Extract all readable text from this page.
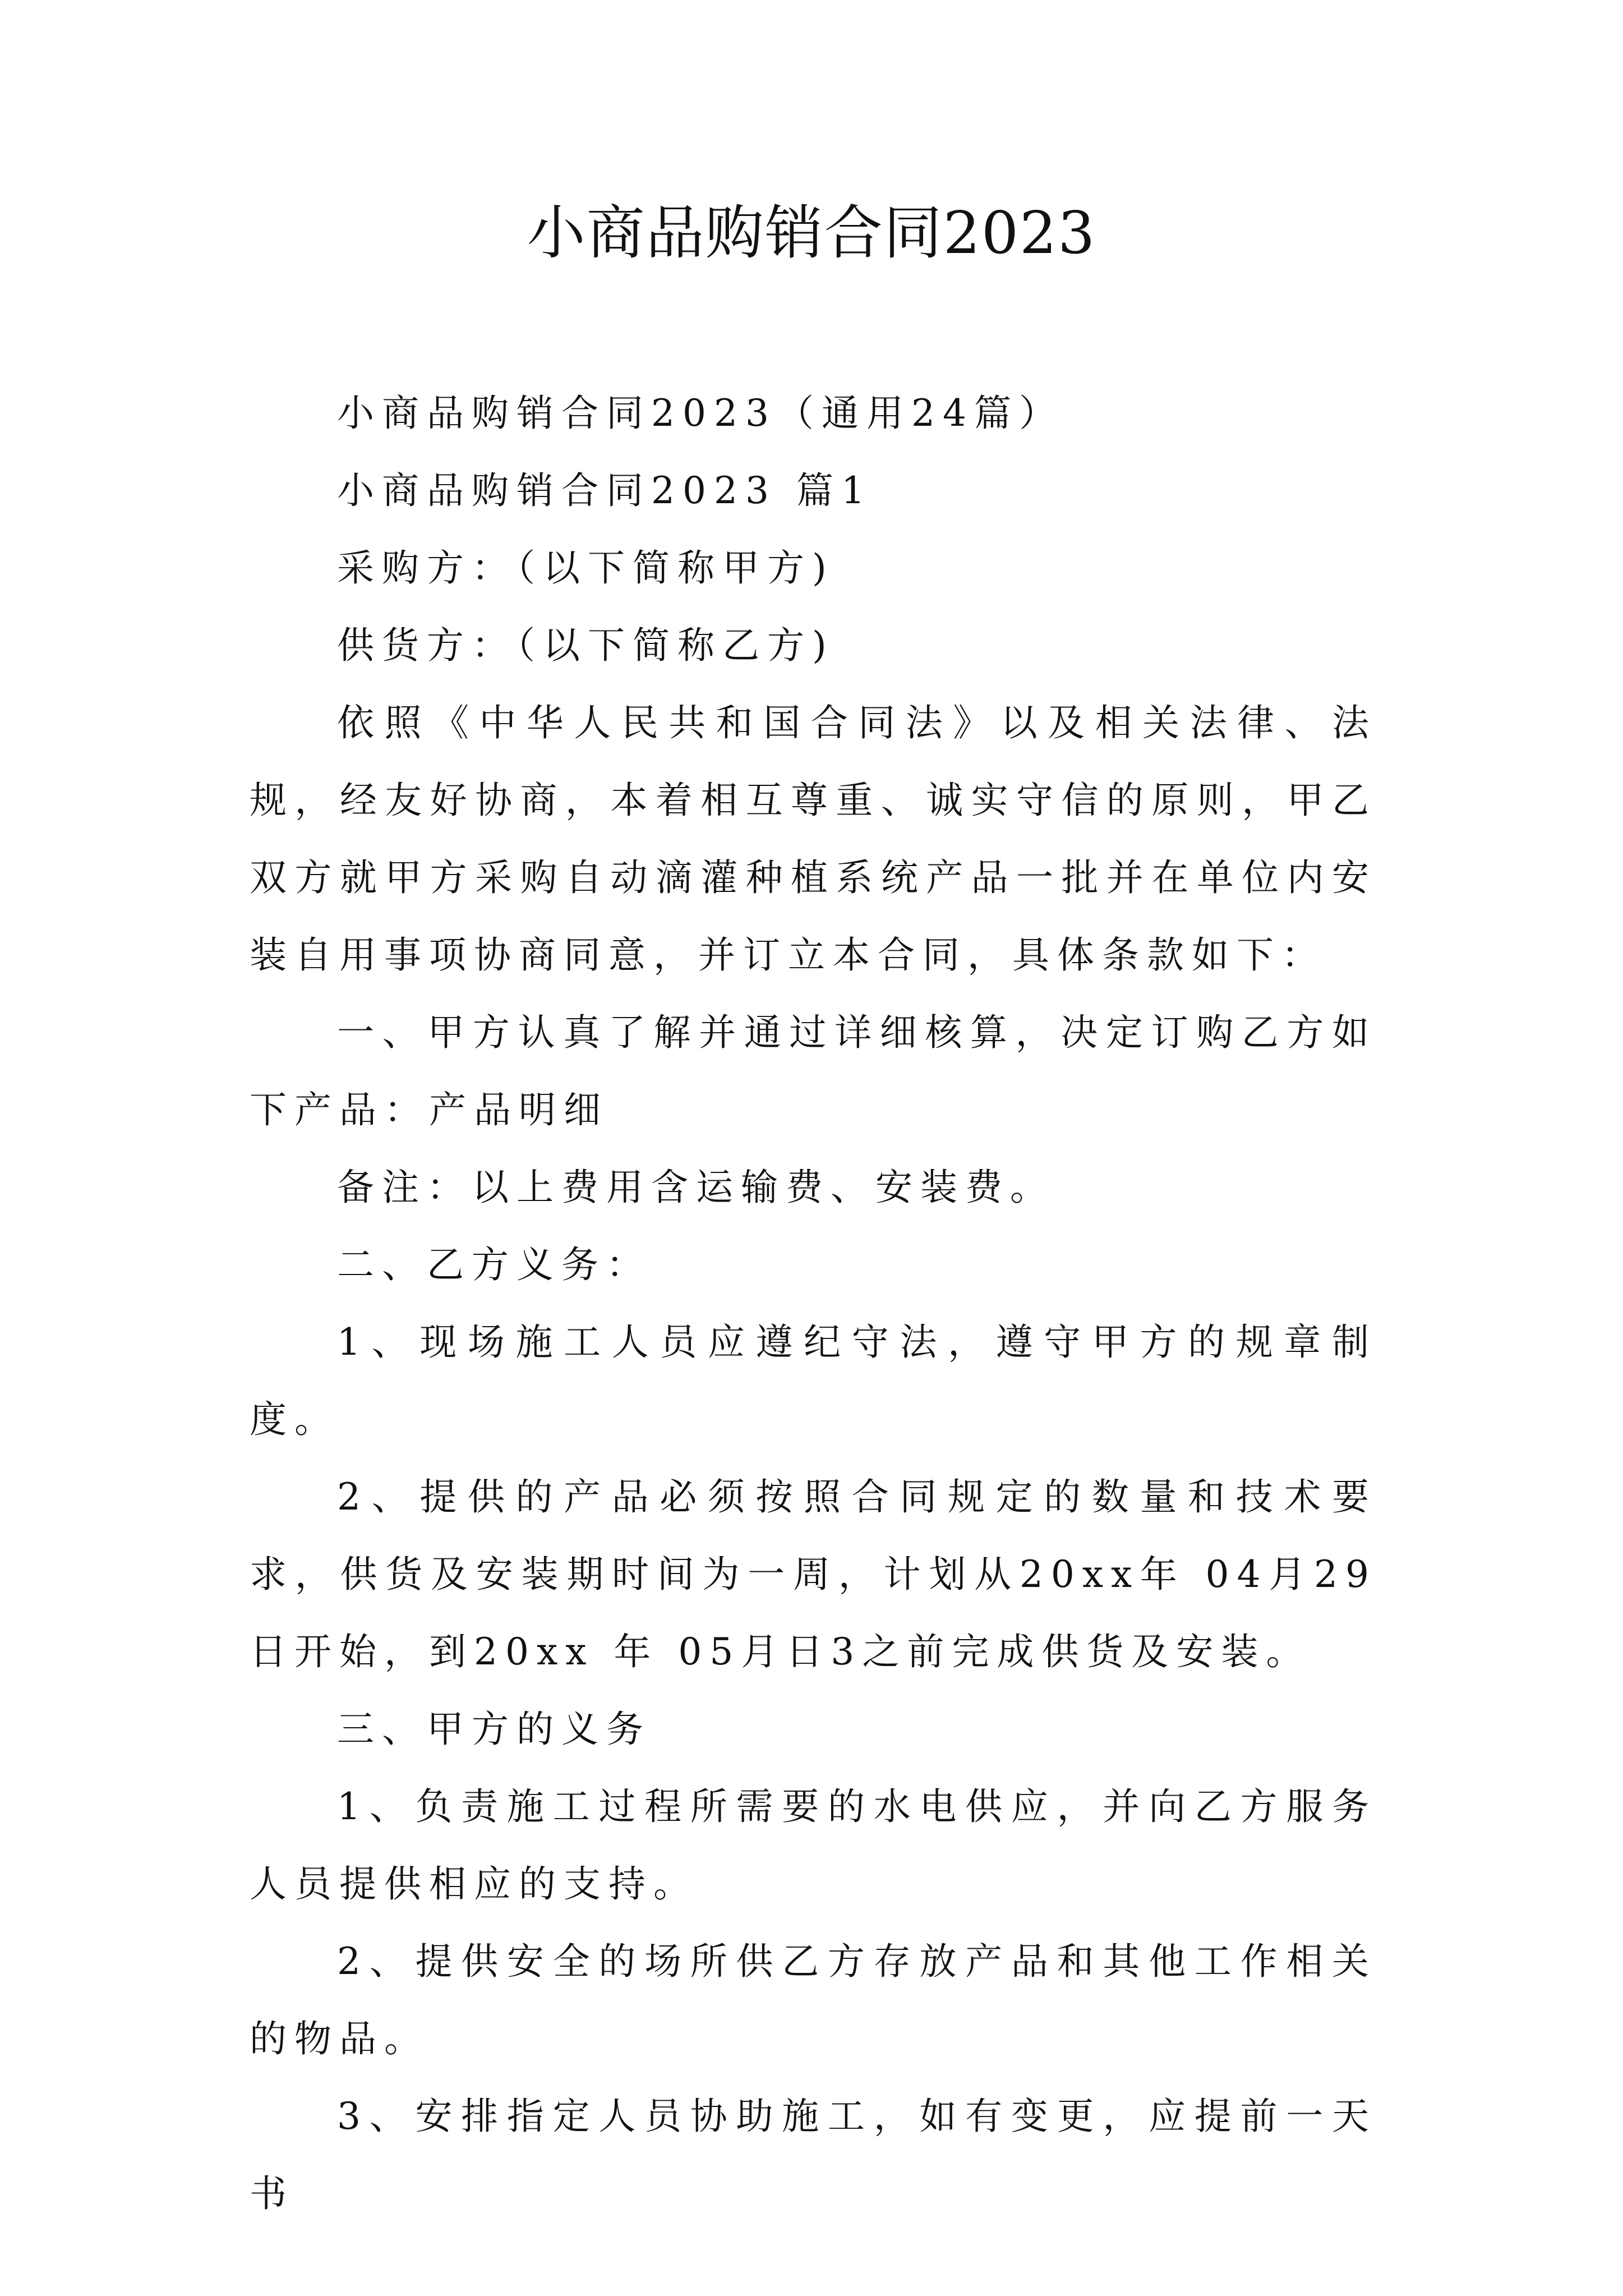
小商品购销合同2023

小商品购销合同2023（通用24篇）

小商品购销合同2023 篇1

采购方：（以下简称甲方)

供货方：（以下简称乙方)

依照《中华人民共和国合同法》以及相关法律、法规，经友好协商，本着相互尊重、诚实守信的原则，甲乙双方就甲方采购自动滴灌种植系统产品一批并在单位内安装自用事项协商同意，并订立本合同，具体条款如下：

一、甲方认真了解并通过详细核算，决定订购乙方如下产品：产品明细

备注：以上费用含运输费、安装费。

二、乙方义务：

1、现场施工人员应遵纪守法，遵守甲方的规章制度。

2、提供的产品必须按照合同规定的数量和技术要求，供货及安装期时间为一周，计划从20xx年 04月29日开始，到20xx 年 05月日3之前完成供货及安装。

三、甲方的义务

1、负责施工过程所需要的水电供应，并向乙方服务人员提供相应的支持。

2、提供安全的场所供乙方存放产品和其他工作相关的物品。

3、安排指定人员协助施工，如有变更，应提前一天书
